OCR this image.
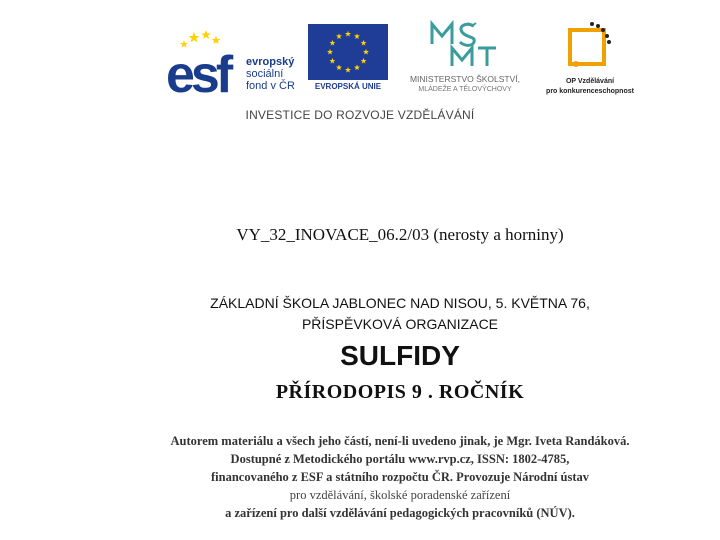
esf	evropský
sociální
fond v ČR	EVROPSKÁ UNIE
MINISTERSTVO ŠKOLSTVÍ,
MLÁDEŽE A TĚLOVÝCHOVY
OP Vzdělávání
pro konkurenceschopnost
INVESTICE DO ROZVOJE VZDĚLÁVÁNÍ
VY_32_INOVACE_06.2/03 (nerosty a horniny)
ZÁKLADNÍ ŠKOLA JABLONEC NAD NISOU, 5. KVĚTNA 76,
PŘÍSPĚVKOVÁ ORGANIZACE
SULFIDY
PŘÍRODOPIS 9 . ROČNÍK
Autorem materiálu a všech jeho částí, není-li uvedeno jinak, je Mgr. Iveta Randáková.
Dostupné z Metodického portálu www.rvp.cz, ISSN: 1802-4785,
financovaného z ESF a státního rozpočtu ČR. Provozuje Národní ústav
pro vzdělávání, školské poradenské zařízení
a zařízení pro další vzdělávání pedagogických pracovníků (NÚV).
